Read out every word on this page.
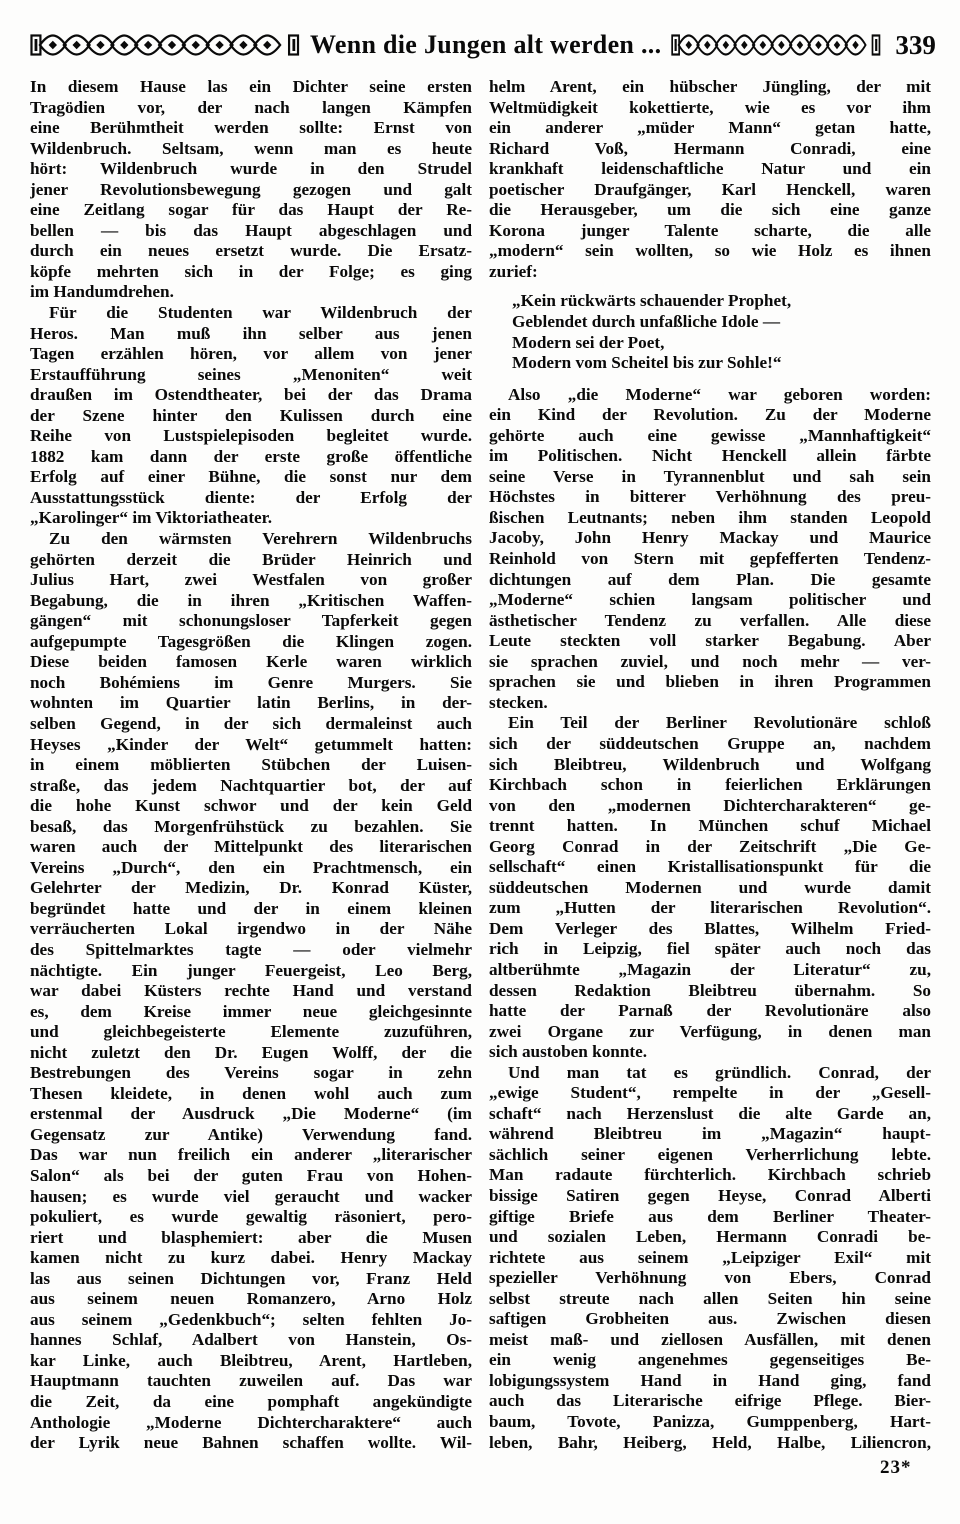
Wenn die Jungen alt werden ...	339
In diesem Hause las ein Dichter seine ersten
Tragödien vor, der nach langen Kämpfen
eine Berühmtheit werden sollte: Ernst von
Wildenbruch. Seltsam, wenn man es heute
hört: Wildenbruch wurde in den Strudel
jener Revolutionsbewegung gezogen und galt
eine Zeitlang sogar für das Haupt der Re-
bellen — bis das Haupt abgeschlagen und
durch ein neues ersetzt wurde. Die Ersatz-
köpfe mehrten sich in der Folge; es ging
im Handumdrehen.
Für die Studenten war Wildenbruch der
Heros. Man muß ihn selber aus jenen
Tagen erzählen hören, vor allem von jener
Erstaufführung seines „Menoniten“ weit
draußen im Ostendtheater, bei der das Drama
der Szene hinter den Kulissen durch eine
Reihe von Lustspielepisoden begleitet wurde.
1882 kam dann der erste große öffentliche
Erfolg auf einer Bühne, die sonst nur dem
Ausstattungsstück diente: der Erfolg der
„Karolinger“ im Viktoriatheater.
Zu den wärmsten Verehrern Wildenbruchs
gehörten derzeit die Brüder Heinrich und
Julius Hart, zwei Westfalen von großer
Begabung, die in ihren „Kritischen Waffen-
gängen“ mit schonungsloser Tapferkeit gegen
aufgepumpte Tagesgrößen die Klingen zogen.
Diese beiden famosen Kerle waren wirklich
noch Bohémiens im Genre Murgers. Sie
wohnten im Quartier latin Berlins, in der-
selben Gegend, in der sich dermaleinst auch
Heyses „Kinder der Welt“ getummelt hatten:
in einem möblierten Stübchen der Luisen-
straße, das jedem Nachtquartier bot, der auf
die hohe Kunst schwor und der kein Geld
besaß, das Morgenfrühstück zu bezahlen. Sie
waren auch der Mittelpunkt des literarischen
Vereins „Durch“, den ein Prachtmensch, ein
Gelehrter der Medizin, Dr. Konrad Küster,
begründet hatte und der in einem kleinen
verräucherten Lokal irgendwo in der Nähe
des Spittelmarktes tagte — oder vielmehr
nächtigte. Ein junger Feuergeist, Leo Berg,
war dabei Küsters rechte Hand und verstand
es, dem Kreise immer neue gleichgesinnte
und gleichbegeisterte Elemente zuzuführen,
nicht zuletzt den Dr. Eugen Wolff, der die
Bestrebungen des Vereins sogar in zehn
Thesen kleidete, in denen wohl auch zum
erstenmal der Ausdruck „Die Moderne“ (im
Gegensatz zur Antike) Verwendung fand.
Das war nun freilich ein anderer „literarischer
Salon“ als bei der guten Frau von Hohen-
hausen; es wurde viel geraucht und wacker
pokuliert, es wurde gewaltig räsoniert, pero-
riert und blasphemiert: aber die Musen
kamen nicht zu kurz dabei. Henry Mackay
las aus seinen Dichtungen vor, Franz Held
aus seinem neuen Romanzero, Arno Holz
aus seinem „Gedenkbuch“; selten fehlten Jo-
hannes Schlaf, Adalbert von Hanstein, Os-
kar Linke, auch Bleibtreu, Arent, Hartleben,
Hauptmann tauchten zuweilen auf. Das war
die Zeit, da eine pomphaft angekündigte
Anthologie „Moderne Dichtercharaktere“ auch
der Lyrik neue Bahnen schaffen wollte. Wil-
helm Arent, ein hübscher Jüngling, der mit
Weltmüdigkeit kokettierte, wie es vor ihm
ein anderer „müder Mann“ getan hatte,
Richard Voß, Hermann Conradi, eine
krankhaft leidenschaftliche Natur und ein
poetischer Draufgänger, Karl Henckell, waren
die Herausgeber, um die sich eine ganze
Korona junger Talente scharte, die alle
„modern“ sein wollten, so wie Holz es ihnen
zurief:
„Kein rückwärts schauender Prophet,
Geblendet durch unfaßliche Idole —
Modern sei der Poet,
Modern vom Scheitel bis zur Sohle!“
Also „die Moderne“ war geboren worden:
ein Kind der Revolution. Zu der Moderne
gehörte auch eine gewisse „Mannhaftigkeit“
im Politischen. Nicht Henckell allein färbte
seine Verse in Tyrannenblut und sah sein
Höchstes in bitterer Verhöhnung des preu-
ßischen Leutnants; neben ihm standen Leopold
Jacoby, John Henry Mackay und Maurice
Reinhold von Stern mit gepfefferten Tendenz-
dichtungen auf dem Plan. Die gesamte
„Moderne“ schien langsam politischer und
ästhetischer Tendenz zu verfallen. Alle diese
Leute steckten voll starker Begabung. Aber
sie sprachen zuviel, und noch mehr — ver-
sprachen sie und blieben in ihren Programmen
stecken.
Ein Teil der Berliner Revolutionäre schloß
sich der süddeutschen Gruppe an, nachdem
sich Bleibtreu, Wildenbruch und Wolfgang
Kirchbach schon in feierlichen Erklärungen
von den „modernen Dichtercharakteren“ ge-
trennt hatten. In München schuf Michael
Georg Conrad in der Zeitschrift „Die Ge-
sellschaft“ einen Kristallisationspunkt für die
süddeutschen Modernen und wurde damit
zum „Hutten der literarischen Revolution“.
Dem Verleger des Blattes, Wilhelm Fried-
rich in Leipzig, fiel später auch noch das
altberühmte „Magazin der Literatur“ zu,
dessen Redaktion Bleibtreu übernahm. So
hatte der Parnaß der Revolutionäre also
zwei Organe zur Verfügung, in denen man
sich austoben konnte.
Und man tat es gründlich. Conrad, der
„ewige Student“, rempelte in der „Gesell-
schaft“ nach Herzenslust die alte Garde an,
während Bleibtreu im „Magazin“ haupt-
sächlich seiner eigenen Verherrlichung lebte.
Man radaute fürchterlich. Kirchbach schrieb
bissige Satiren gegen Heyse, Conrad Alberti
giftige Briefe aus dem Berliner Theater-
und sozialen Leben, Hermann Conradi be-
richtete aus seinem „Leipziger Exil“ mit
spezieller Verhöhnung von Ebers, Conrad
selbst streute nach allen Seiten hin seine
saftigen Grobheiten aus. Zwischen diesen
meist maß- und ziellosen Ausfällen, mit denen
ein wenig angenehmes gegenseitiges Be-
lobigungssystem Hand in Hand ging, fand
auch das Literarische eifrige Pflege. Bier-
baum, Tovote, Panizza, Gumppenberg, Hart-
leben, Bahr, Heiberg, Held, Halbe, Liliencron,
23*
